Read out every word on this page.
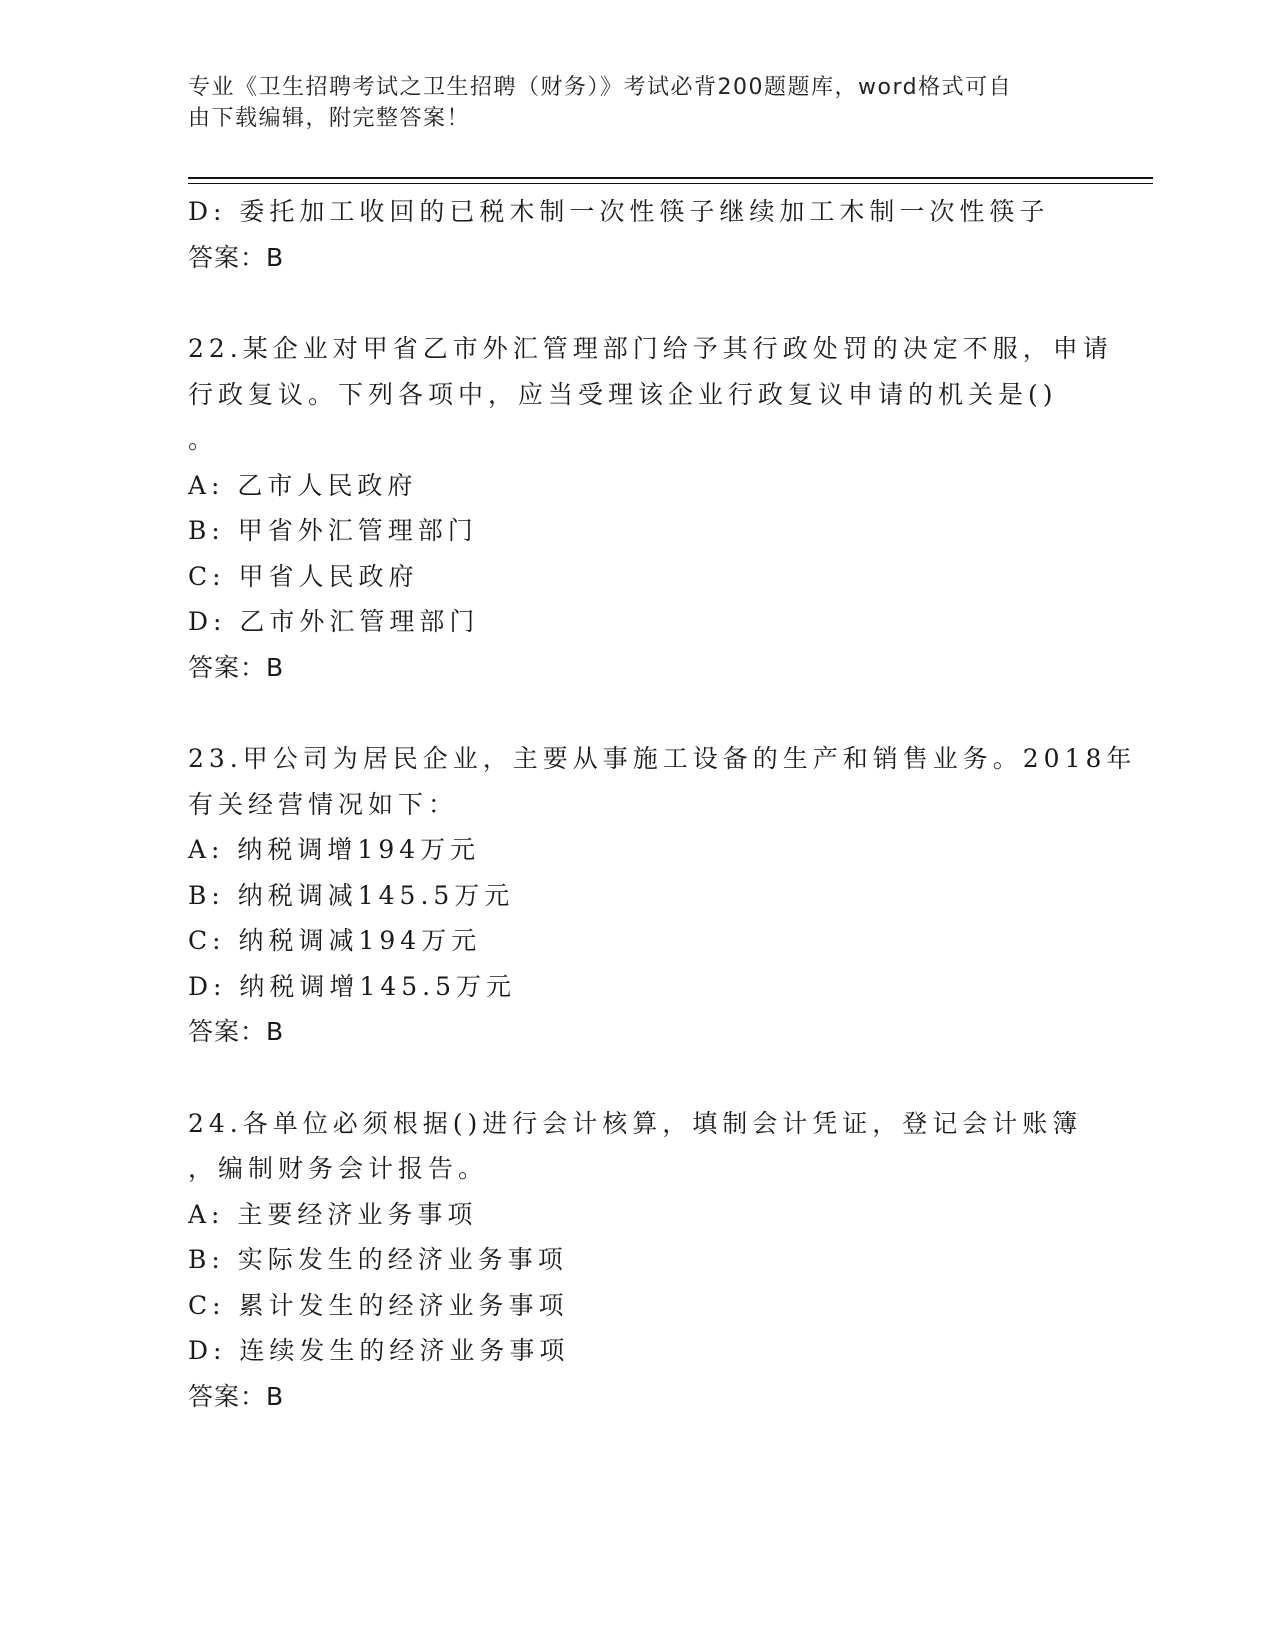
专业《卫生招聘考试之卫生招聘（财务）》考试必背200题题库，word格式可自
由下载编辑，附完整答案！
D: 委托加工收回的已税木制一次性筷子继续加工木制一次性筷子
答案：B
22.某企业对甲省乙市外汇管理部门给予其行政处罚的决定不服，申请
行政复议。下列各项中，应当受理该企业行政复议申请的机关是()
。
A: 乙市人民政府
B: 甲省外汇管理部门
C: 甲省人民政府
D: 乙市外汇管理部门
答案：B
23.甲公司为居民企业，主要从事施工设备的生产和销售业务。2018年
有关经营情况如下：
A: 纳税调增194万元
B: 纳税调减145.5万元
C: 纳税调减194万元
D: 纳税调增145.5万元
答案：B
24.各单位必须根据()进行会计核算，填制会计凭证，登记会计账簿
，编制财务会计报告。
A: 主要经济业务事项
B: 实际发生的经济业务事项
C: 累计发生的经济业务事项
D: 连续发生的经济业务事项
答案：B
